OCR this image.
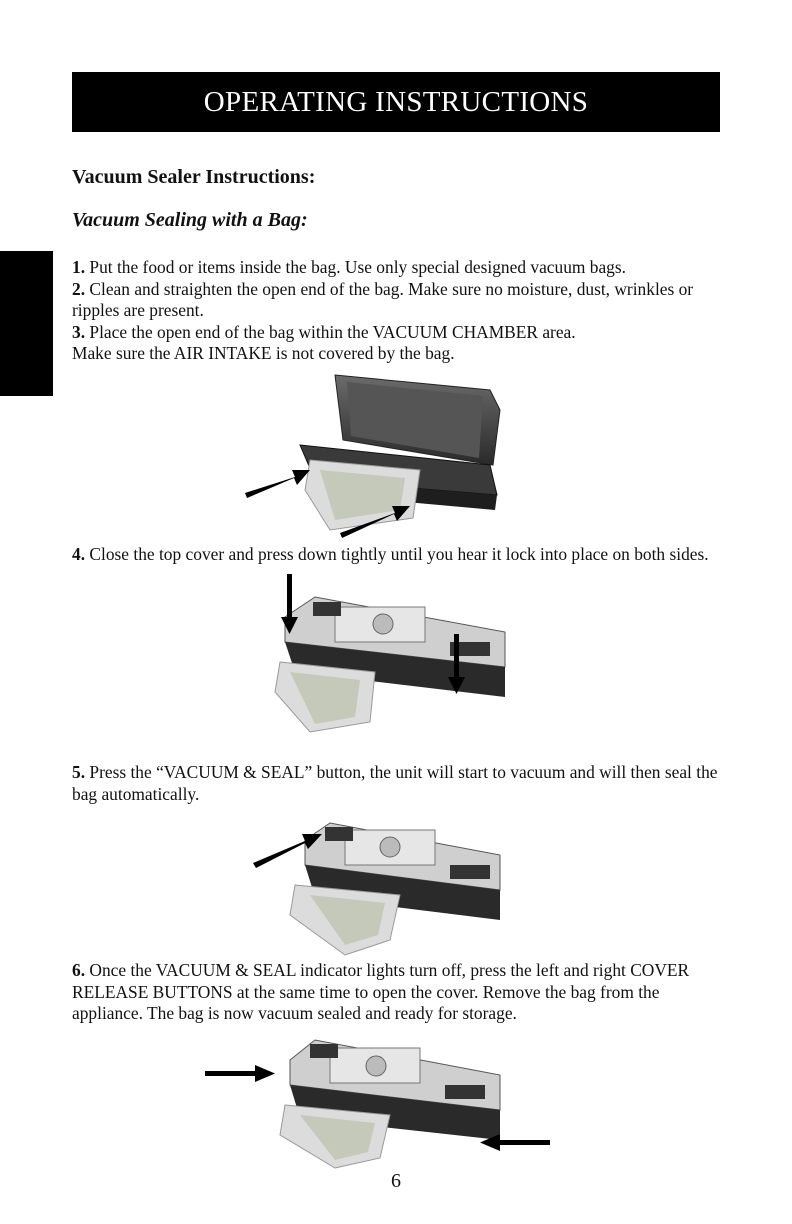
OPERATING INSTRUCTIONS
Vacuum Sealer Instructions:
Vacuum Sealing with a Bag:
1. Put the food or items inside the bag. Use only special designed vacuum bags.
2. Clean and straighten the open end of the bag. Make sure no moisture, dust, wrinkles or ripples are present.
3. Place the open end of the bag within the VACUUM CHAMBER area.
Make sure the AIR INTAKE is not covered by the bag.
4. Close the top cover and press down tightly until you hear it lock into place on both sides.
5. Press the “VACUUM & SEAL” button, the unit will start to vacuum and will then seal the bag automatically.
6. Once the VACUUM & SEAL indicator lights turn off, press the left and right COVER RELEASE BUTTONS at the same time to open the cover. Remove the bag from the appliance. The bag is now vacuum sealed and ready for storage.
6
